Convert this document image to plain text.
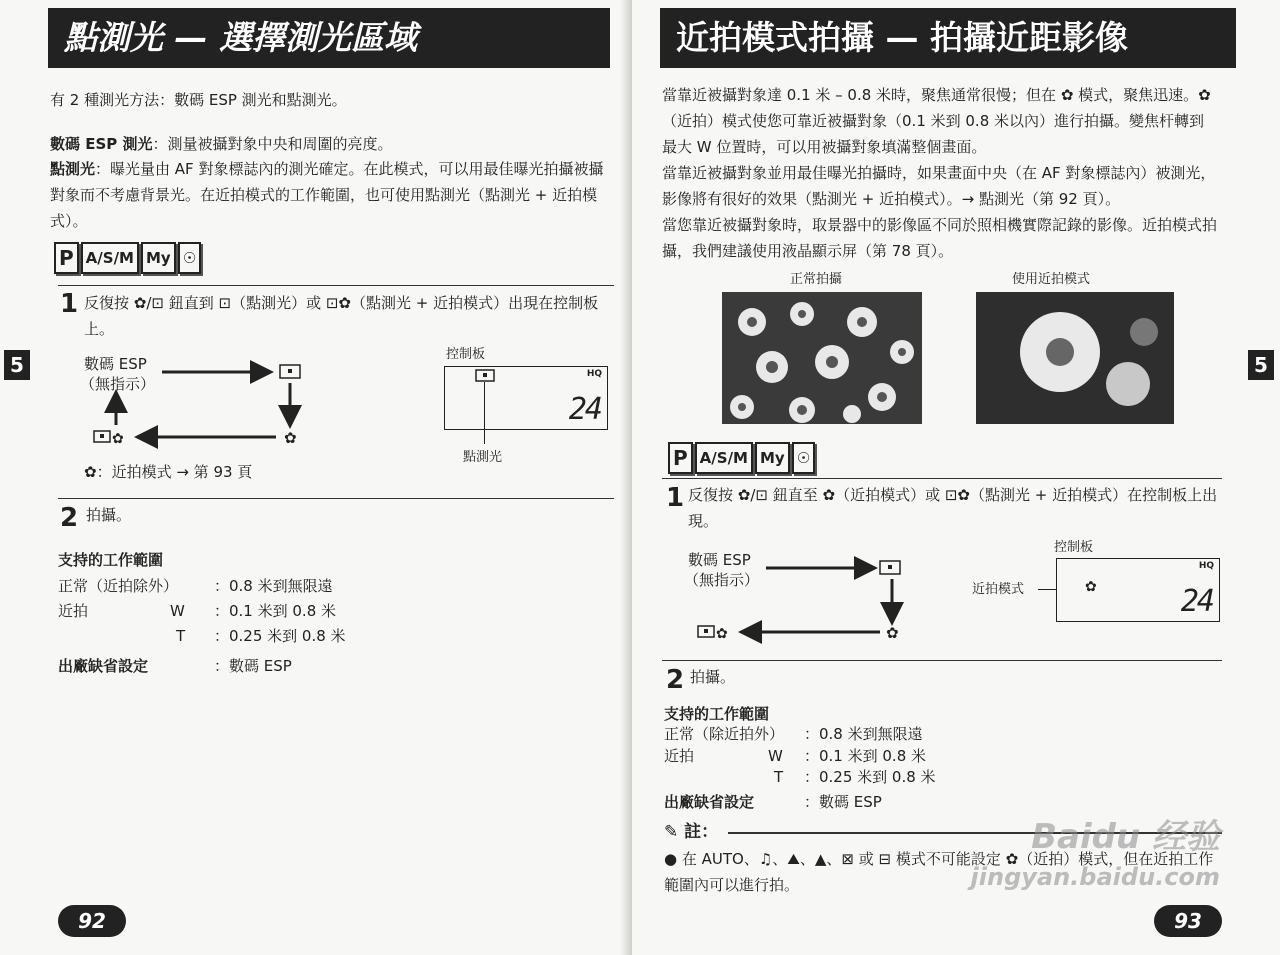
點測光 — 選擇測光區域
5
有 2 種測光方法：數碼 ESP 測光和點測光。
數碼 ESP 測光：測量被攝對象中央和周圍的亮度。
點測光：曝光量由 AF 對象標誌內的測光確定。在此模式，可以用最佳曝光拍攝被攝對象而不考慮背景光。在近拍模式的工作範圍，也可使用點測光（點測光 + 近拍模式）。
P A/S/M My ☉
1 反復按 ✿/⊡ 鈕直到 ⊡（點測光）或 ⊡✿（點測光 + 近拍模式）出現在控制板上。
數碼 ESP
（無指示）
✿
✿
控制板
HQ
24
點測光
✿：近拍模式 → 第 93 頁
2 拍攝。
支持的工作範圍
正常（近拍除外） ：0.8 米到無限遠
近拍	W ：0.1 米到 0.8 米
T ：0.25 米到 0.8 米
出廠缺省設定	：數碼 ESP
92
近拍模式拍攝 — 拍攝近距影像
5
當靠近被攝對象達 0.1 米 – 0.8 米時，聚焦通常很慢；但在 ✿ 模式，聚焦迅速。✿（近拍）模式使您可靠近被攝對象（0.1 米到 0.8 米以內）進行拍攝。變焦杆轉到最大 W 位置時，可以用被攝對象填滿整個畫面。
當靠近被攝對象並用最佳曝光拍攝時，如果畫面中央（在 AF 對象標誌內）被測光，影像將有很好的效果（點測光 + 近拍模式）。→ 點測光（第 92 頁）。
當您靠近被攝對象時，取景器中的影像區不同於照相機實際記錄的影像。近拍模式拍攝，我們建議使用液晶顯示屏（第 78 頁）。
正常拍攝	使用近拍模式
P A/S/M My ☉
1 反復按 ✿/⊡ 鈕直至 ✿（近拍模式）或 ⊡✿（點測光 + 近拍模式）在控制板上出現。
數碼 ESP
（無指示）
✿
✿
控制板
近拍模式	✿
HQ
24
2 拍攝。
支持的工作範圍
正常（除近拍外） ：0.8 米到無限遠
近拍	W ：0.1 米到 0.8 米
T ：0.25 米到 0.8 米
出廠缺省設定	：數碼 ESP
✎ 註：
● 在 AUTO、♫、⛰、▲、⊠ 或 ⊟ 模式不可能設定 ✿（近拍）模式，但在近拍工作範圍內可以進行拍。
93
Baidu 经验
jingyan.baidu.com
